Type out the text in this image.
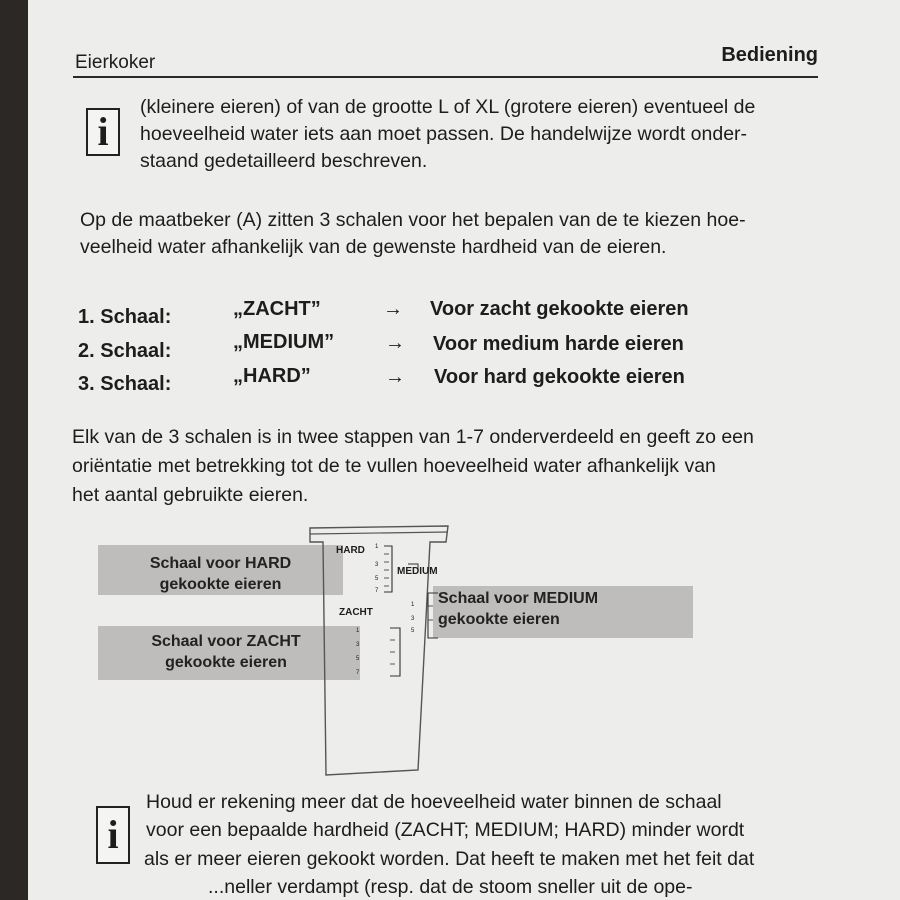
Eierkoker	Bediening
i
(kleinere eieren) of van de grootte L of XL (grotere eieren) eventueel de
hoeveelheid water iets aan moet passen. De handelwijze wordt onder-
staand gedetailleerd beschreven.
Op de maatbeker (A) zitten 3 schalen voor het bepalen van de te kiezen hoe-
veelheid water afhankelijk van de gewenste hardheid van de eieren.
1. Schaal:	„ZACHT”	→ Voor zacht gekookte eieren
2. Schaal:	„MEDIUM”	→ Voor medium harde eieren
3. Schaal:	„HARD”	→ Voor hard gekookte eieren
Elk van de 3 schalen is in twee stappen van 1-7 onderverdeeld en geeft zo een
oriëntatie met betrekking tot de te vullen hoeveelheid water afhankelijk van
het aantal gebruikte eieren.
Schaal voor HARD
gekookte eieren
Schaal voor ZACHT
gekookte eieren
Schaal voor MEDIUM
gekookte eieren
HARD
MEDIUM
ZACHT
1
3
5
7
1
3
5
1
3
5
7
i
Houd er rekening meer dat de hoeveelheid water binnen de schaal
voor een bepaalde hardheid (ZACHT; MEDIUM; HARD) minder wordt
als er meer eieren gekookt worden. Dat heeft te maken met het feit dat
...neller verdampt (resp. dat de stoom sneller uit de ope-
